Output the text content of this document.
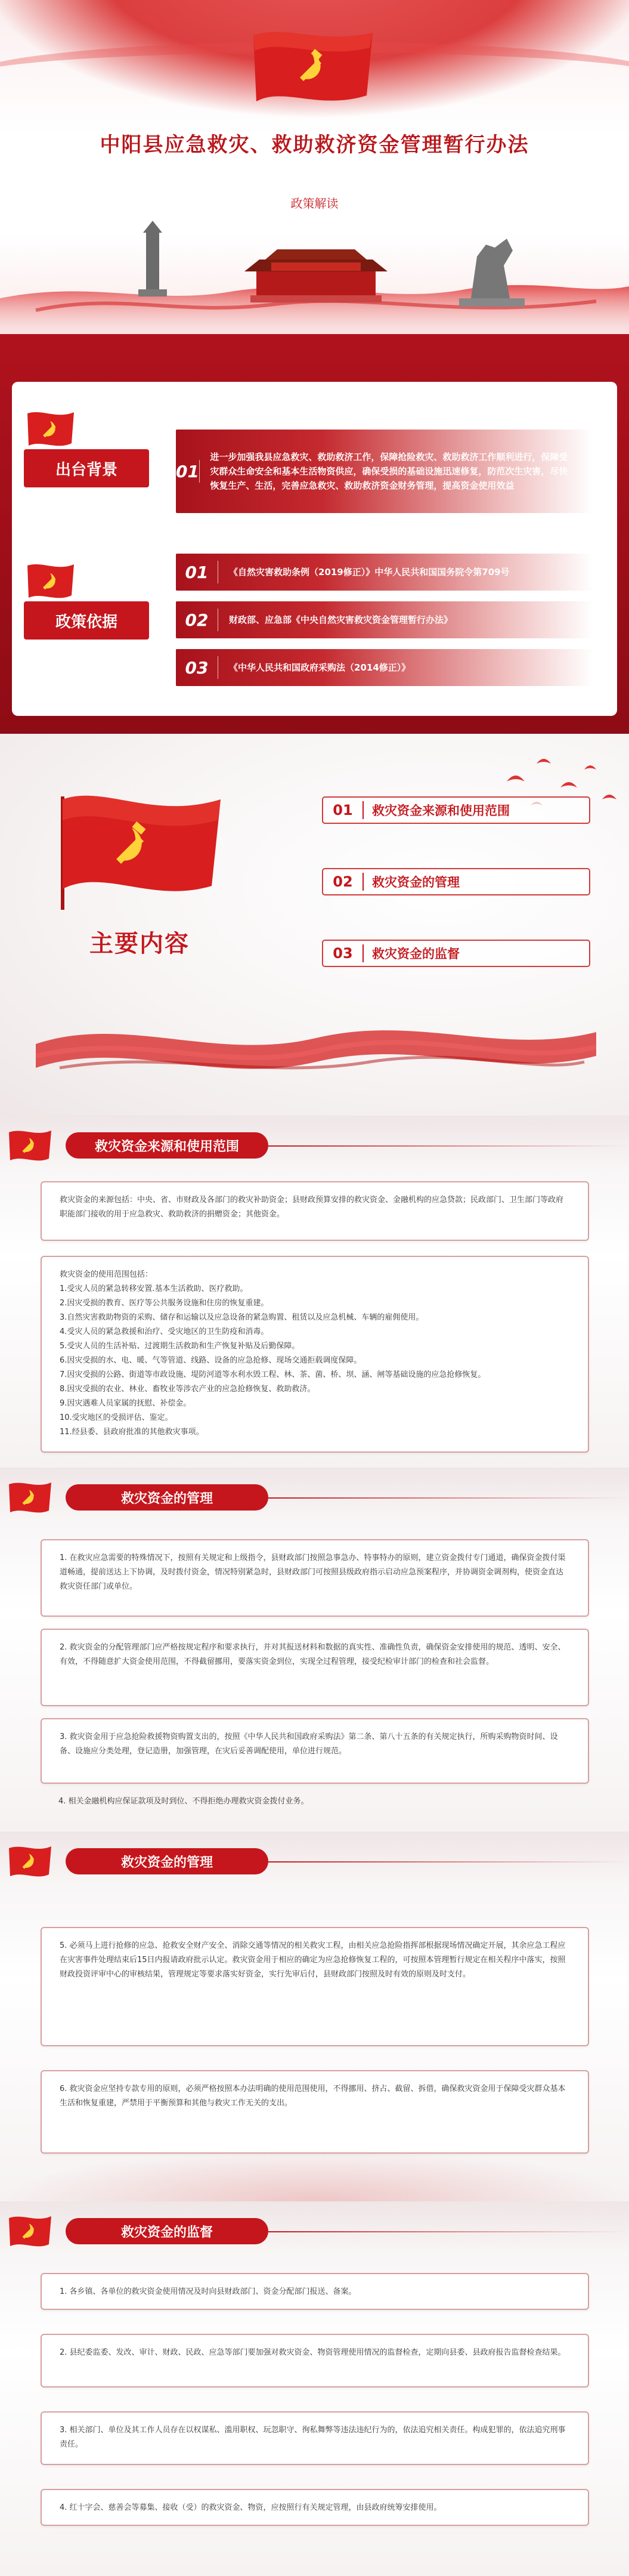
中阳县应急救灾、救助救济资金管理暂行办法
政策解读
出台背景	01
进一步加强我县应急救灾、救助救济工作，保障抢险救灾、救助救济工作顺利进行，保障受灾群众生命安全和基本生活物资供应，确保受损的基础设施迅速修复，防范次生灾害，尽快恢复生产、生活，完善应急救灾、救助救济资金财务管理，提高资金使用效益
政策依据
01	《自然灾害救助条例（2019修正）》中华人民共和国国务院令第709号
02	财政部、应急部《中央自然灾害救灾资金管理暂行办法》
03	《中华人民共和国政府采购法（2014修正）》
主要内容
01	救灾资金来源和使用范围
02	救灾资金的管理
03	救灾资金的监督
救灾资金来源和使用范围

救灾资金的来源包括：中央、省、市财政及各部门的救灾补助资金；县财政预算安排的救灾资金、金融机构的应急贷款；民政部门、卫生部门等政府职能部门接收的用于应急救灾、救助救济的捐赠资金；其他资金。

救灾资金的使用范围包括：

1.受灾人员的紧急转移安置.基本生活救助、医疗救助。

2.因灾受损的教育、医疗等公共服务设施和住房的恢复重建。

3.自然灾害救助物资的采购、储存和运输以及应急设备的紧急购置、租赁以及应急机械、车辆的雇佣使用。

4.受灾人员的紧急救援和治疗、受灾地区的卫生防疫和消毒。

5.受灾人员的生活补贴、过渡期生活救助和生产恢复补贴及后勤保障。

6.因灾受损的水、电、暖、气等管道、线路、设备的应急抢修、现场交通拒载调度保障。

7.因灾受损的公路、街道等市政设施、堤防河道等水利水毁工程、林、茶、菌、桥、坝、涵、闸等基础设施的应急抢修恢复。

8.因灾受损的农业、林业、畜牧业等涉农产业的应急抢修恢复、救助救济。

9.因灾遇难人员家属的抚慰、补偿金。

10.受灾地区的受损评估、鉴定。

11.经县委、县政府批准的其他救灾事项。

救灾资金的管理

1. 在救灾应急需要的特殊情况下，按照有关规定和上级指令，县财政部门按照急事急办、特事特办的原则，建立资金拨付专门通道，确保资金拨付渠道畅通，提前送达上下协调，及时拨付资金，情况特别紧急时，县财政部门可按照县级政府指示启动应急预案程序，并协调资金调剂构，使资金直达救灾资任部门或单位。

2. 救灾资金的分配管理部门应严格按规定程序和要求执行，并对其报送材料和数据的真实性、准确性负责，确保资金安排使用的规范、透明、安全、有效，不得随意扩大资金使用范围，不得截留挪用，要落实资金到位，实现全过程管理，接受纪检审计部门的检查和社会监督。

3. 救灾资金用于应急抢险救援物资购置支出的，按照《中华人民共和国政府采购法》第二条、第八十五条的有关规定执行，所购采购物资时间、设备、设施应分类处理，登记造册，加强管理，在灾后妥善调配使用，单位进行规范。

4. 相关金融机构应保证款项及时到位、不得拒绝办理救灾资金拨付业务。
救灾资金的管理

5. 必须马上进行抢修的应急、抢救安全财产安全、消除交通等情况的相关救灾工程，由相关应急抢险指挥部根据现场情况确定开展，其余应急工程应在灾害事件处理结束后15日内报请政府批示认定。救灾资金用于相应的确定为应急抢修恢复工程的，可按照本管理暂行规定在相关程序中落实，按照财政投资评审中心的审核结果，管理规定等要求落实好资金，实行先审后付，县财政部门按照及时有效的原则及时支付。

6. 救灾资金应坚持专款专用的原则，必须严格按照本办法明确的使用范围使用，不得挪用、挤占、截留、拆借，确保救灾资金用于保障受灾群众基本生活和恢复重建，严禁用于平衡预算和其他与救灾工作无关的支出。

救灾资金的监督

1. 各乡镇、各单位的救灾资金使用情况及时向县财政部门、资金分配部门报送、备案。

2. 县纪委监委、发改、审计、财政、民政、应急等部门要加强对救灾资金、物资管理使用情况的监督检查，定期向县委、县政府报告监督检查结果。

3. 相关部门、单位及其工作人员存在以权谋私、滥用职权、玩忽职守、徇私舞弊等违法违纪行为的，依法追究相关责任。构成犯罪的，依法追究刑事责任。

4. 红十字会、慈善会等募集、接收（受）的救灾资金、物资，应按照行有关规定管理，由县政府统筹安排使用。
